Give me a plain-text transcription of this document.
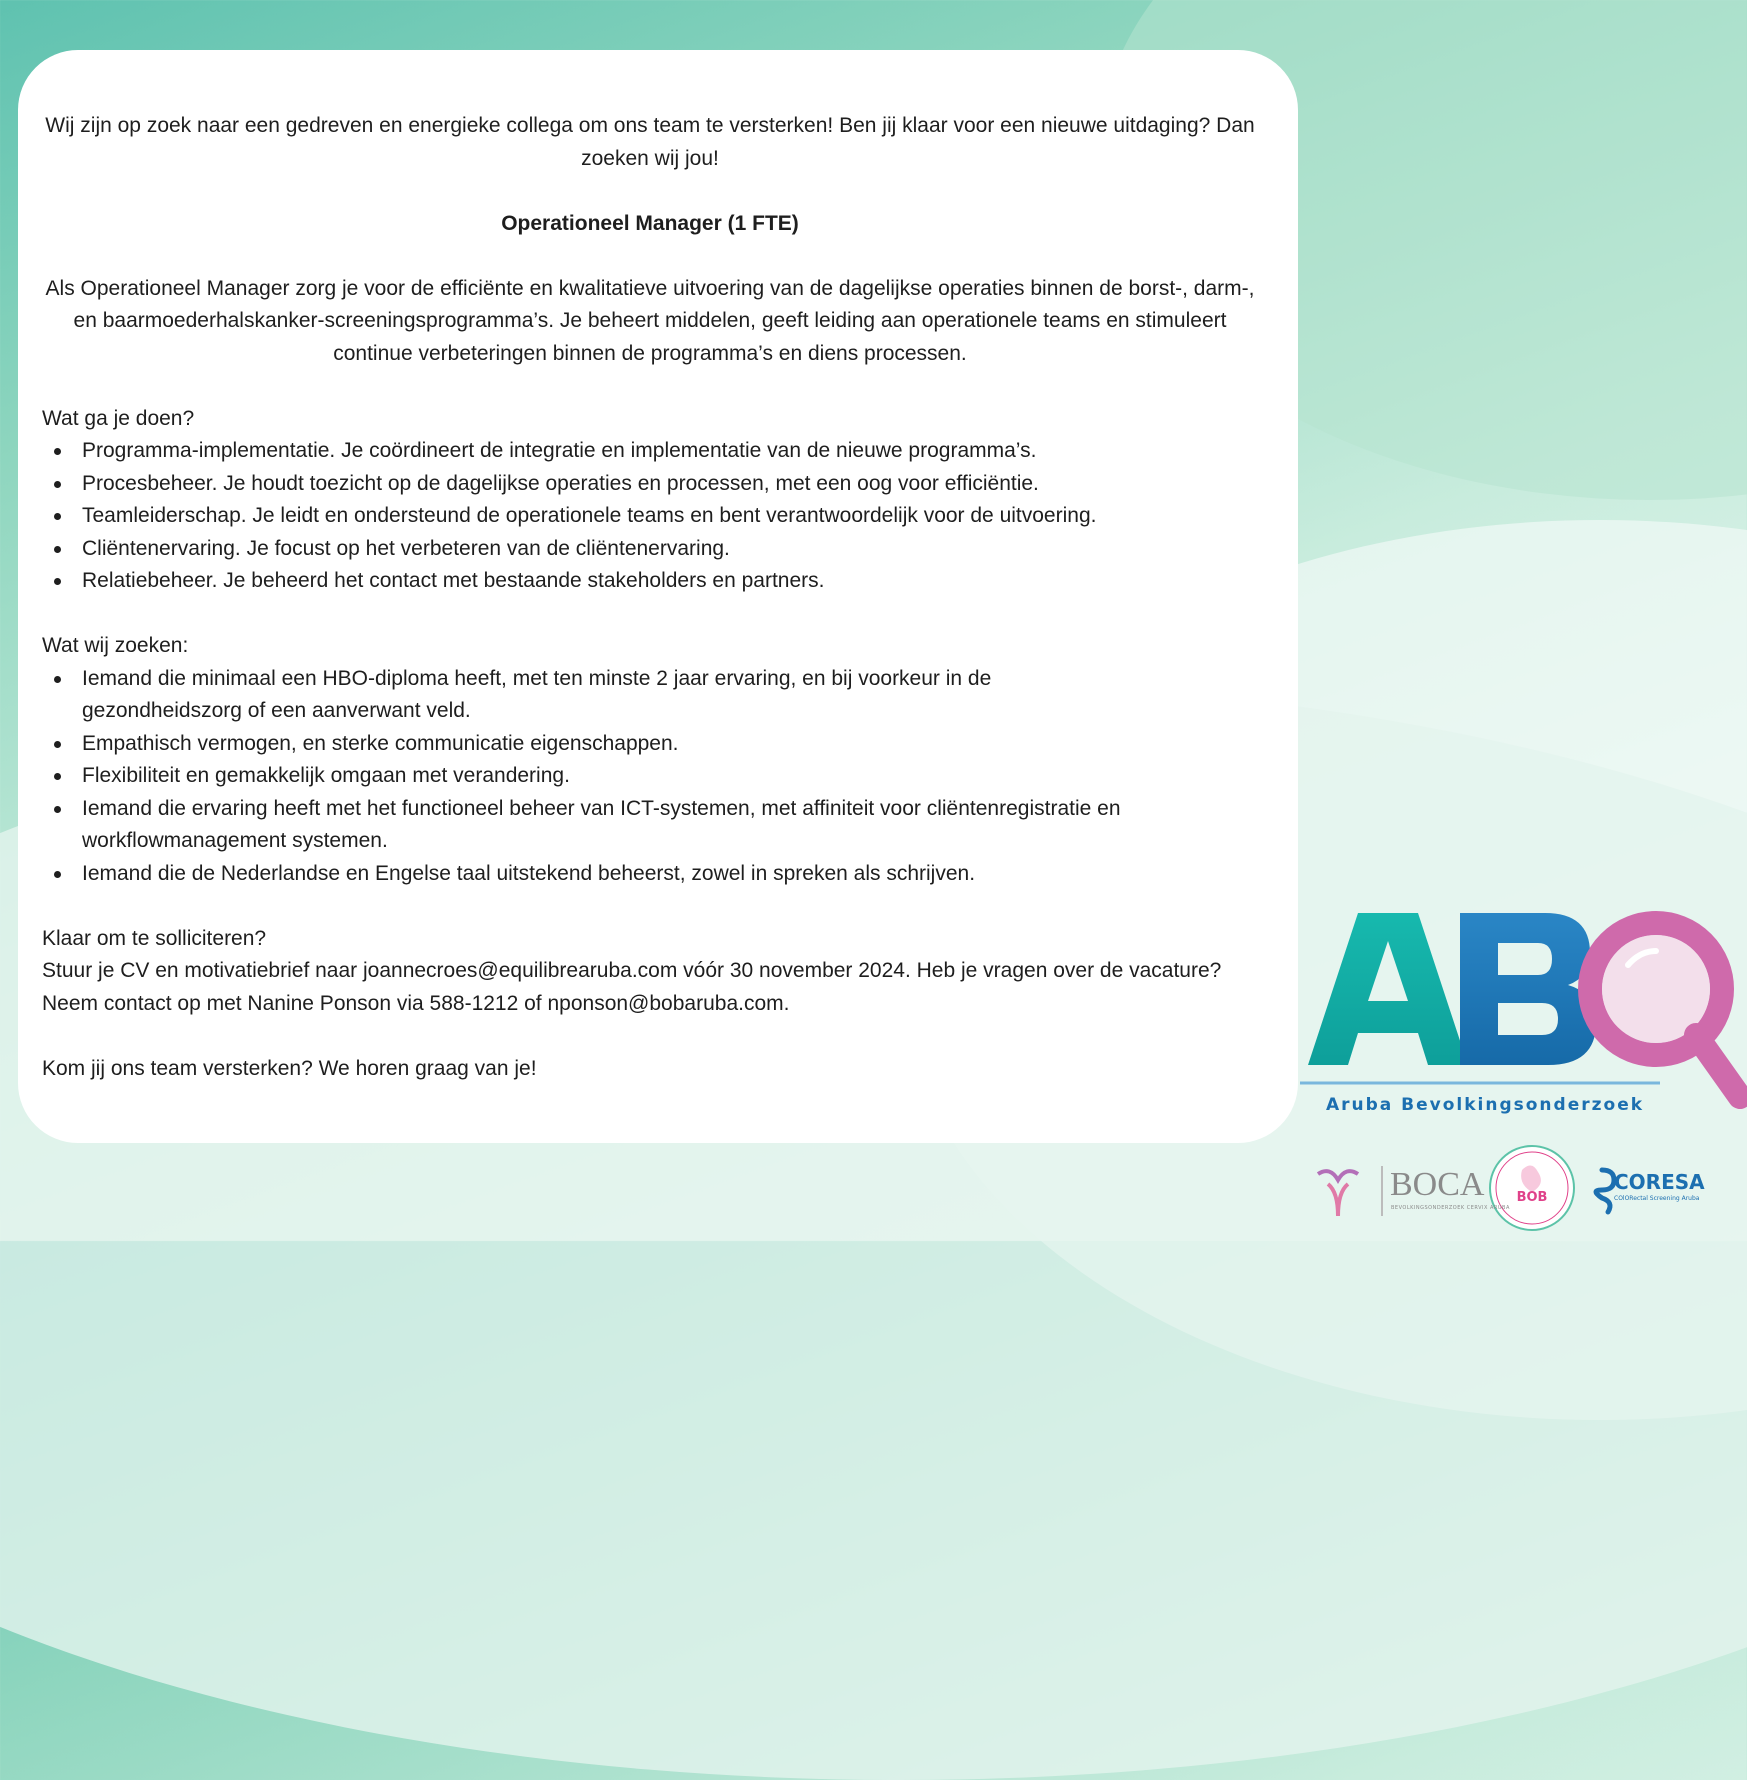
Wij zijn op zoek naar een gedreven en energieke collega om ons team te versterken! Ben jij klaar voor een nieuwe uitdaging? Dan zoeken wij jou!

Operationeel Manager (1 FTE)

Als Operationeel Manager zorg je voor de efficiënte en kwalitatieve uitvoering van de dagelijkse operaties binnen de borst-, darm-, en baarmoederhalskanker-screeningsprogramma’s. Je beheert middelen, geeft leiding aan operationele teams en stimuleert continue verbeteringen binnen de programma’s en diens processen.

Wat ga je doen?

Programma-implementatie. Je coördineert de integratie en implementatie van de nieuwe programma’s.
Procesbeheer. Je houdt toezicht op de dagelijkse operaties en processen, met een oog voor efficiëntie.
Teamleiderschap. Je leidt en ondersteund de operationele teams en bent verantwoordelijk voor de uitvoering.
Cliëntenervaring. Je focust op het verbeteren van de cliëntenervaring.
Relatiebeheer. Je beheerd het contact met bestaande stakeholders en partners.

Wat wij zoeken:

Iemand die minimaal een HBO-diploma heeft, met ten minste 2 jaar ervaring, en bij voorkeur in de gezondheidszorg of een aanverwant veld.
Empathisch vermogen, en sterke communicatie eigenschappen.
Flexibiliteit en gemakkelijk omgaan met verandering.
Iemand die ervaring heeft met het functioneel beheer van ICT-systemen, met affiniteit voor cliëntenregistratie en workflowmanagement systemen.
Iemand die de Nederlandse en Engelse taal uitstekend beheerst, zowel in spreken als schrijven.

Klaar om te solliciteren?

Stuur je CV en motivatiebrief naar joannecroes@equilibrearuba.com vóór 30 november 2024. Heb je vragen over de vacature? Neem contact op met Nanine Ponson via 588-1212 of nponson@bobaruba.com.

Kom jij ons team versterken? We horen graag van je!

Aruba Bevolkingsonderzoek
BOCA
BEVOLKINGSONDERZOEK CERVIX ARUBA
BOB
CORESA
COlORectal Screening Aruba
